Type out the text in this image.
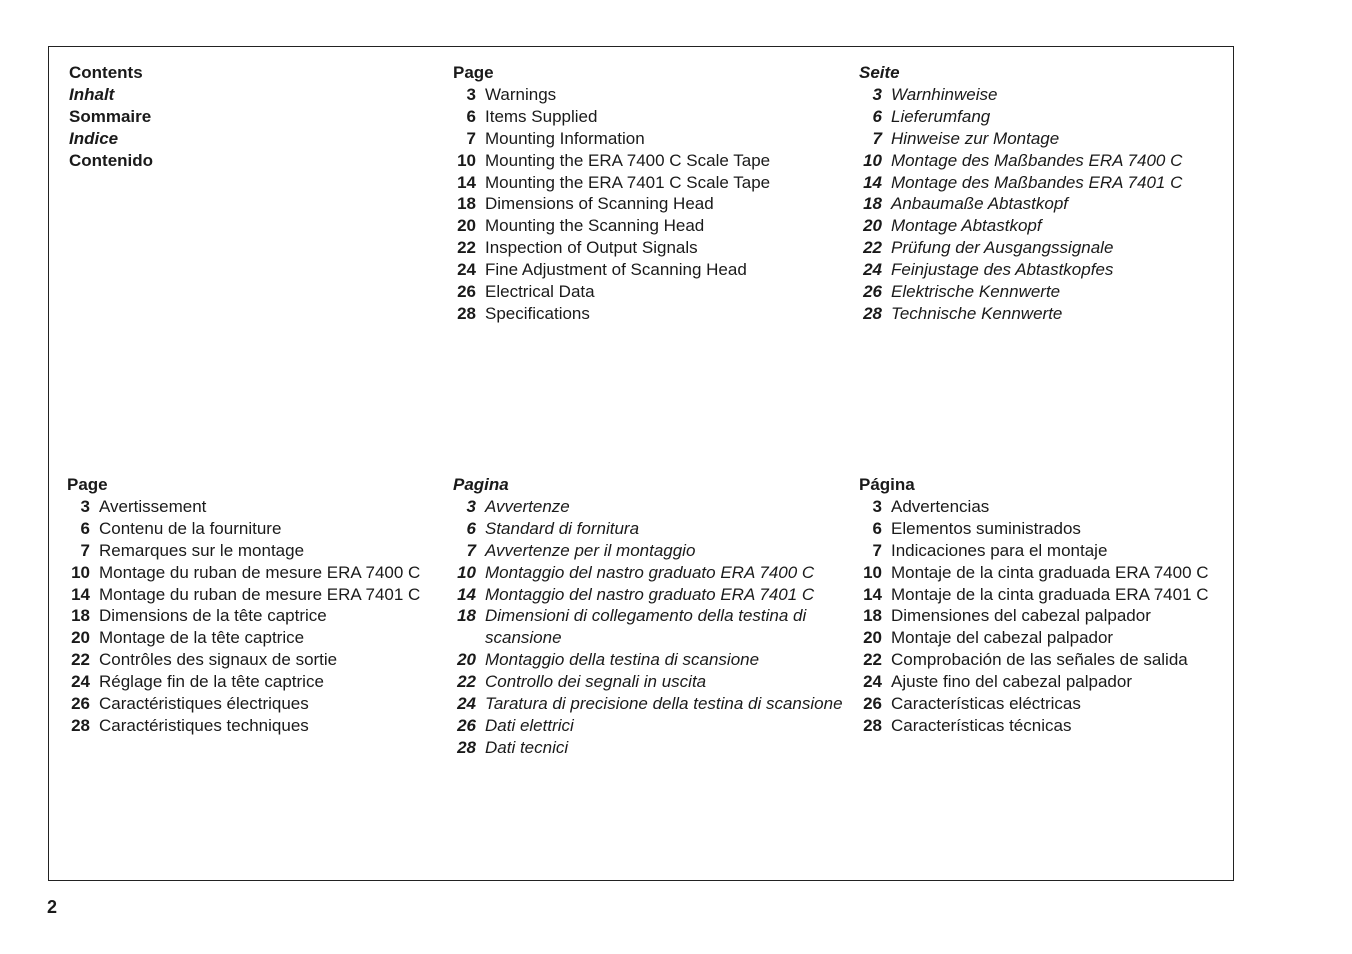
Contents
Inhalt
Sommaire
Indice
Contenido
Page
3 Warnings
6 Items Supplied
7 Mounting Information
10 Mounting the ERA 7400 C Scale Tape
14 Mounting the ERA 7401 C Scale Tape
18 Dimensions of Scanning Head
20 Mounting the Scanning Head
22 Inspection of Output Signals
24 Fine Adjustment of Scanning Head
26 Electrical Data
28 Specifications
Seite
3 Warnhinweise
6 Lieferumfang
7 Hinweise zur Montage
10 Montage des Maßbandes ERA 7400 C
14 Montage des Maßbandes ERA 7401 C
18 Anbaumaße Abtastkopf
20 Montage Abtastkopf
22 Prüfung der Ausgangssignale
24 Feinjustage des Abtastkopfes
26 Elektrische Kennwerte
28 Technische Kennwerte
Page
3 Avertissement
6 Contenu de la fourniture
7 Remarques sur le montage
10 Montage du ruban de mesure ERA 7400 C
14 Montage du ruban de mesure ERA 7401 C
18 Dimensions de la tête captrice
20 Montage de la tête captrice
22 Contrôles des signaux de sortie
24 Réglage fin de la tête captrice
26 Caractéristiques électriques
28 Caractéristiques techniques
Pagina
3 Avvertenze
6 Standard di fornitura
7 Avvertenze per il montaggio
10 Montaggio del nastro graduato ERA 7400 C
14 Montaggio del nastro graduato ERA 7401 C
18 Dimensioni di collegamento della testina di scansione
20 Montaggio della testina di scansione
22 Controllo dei segnali in uscita
24 Taratura di precisione della testina di scansione
26 Dati elettrici
28 Dati tecnici
Página
3 Advertencias
6 Elementos suministrados
7 Indicaciones para el montaje
10 Montaje de la cinta graduada ERA 7400 C
14 Montaje de la cinta graduada ERA 7401 C
18 Dimensiones del cabezal palpador
20 Montaje del cabezal palpador
22 Comprobación de las señales de salida
24 Ajuste fino del cabezal palpador
26 Características eléctricas
28 Características técnicas
2
